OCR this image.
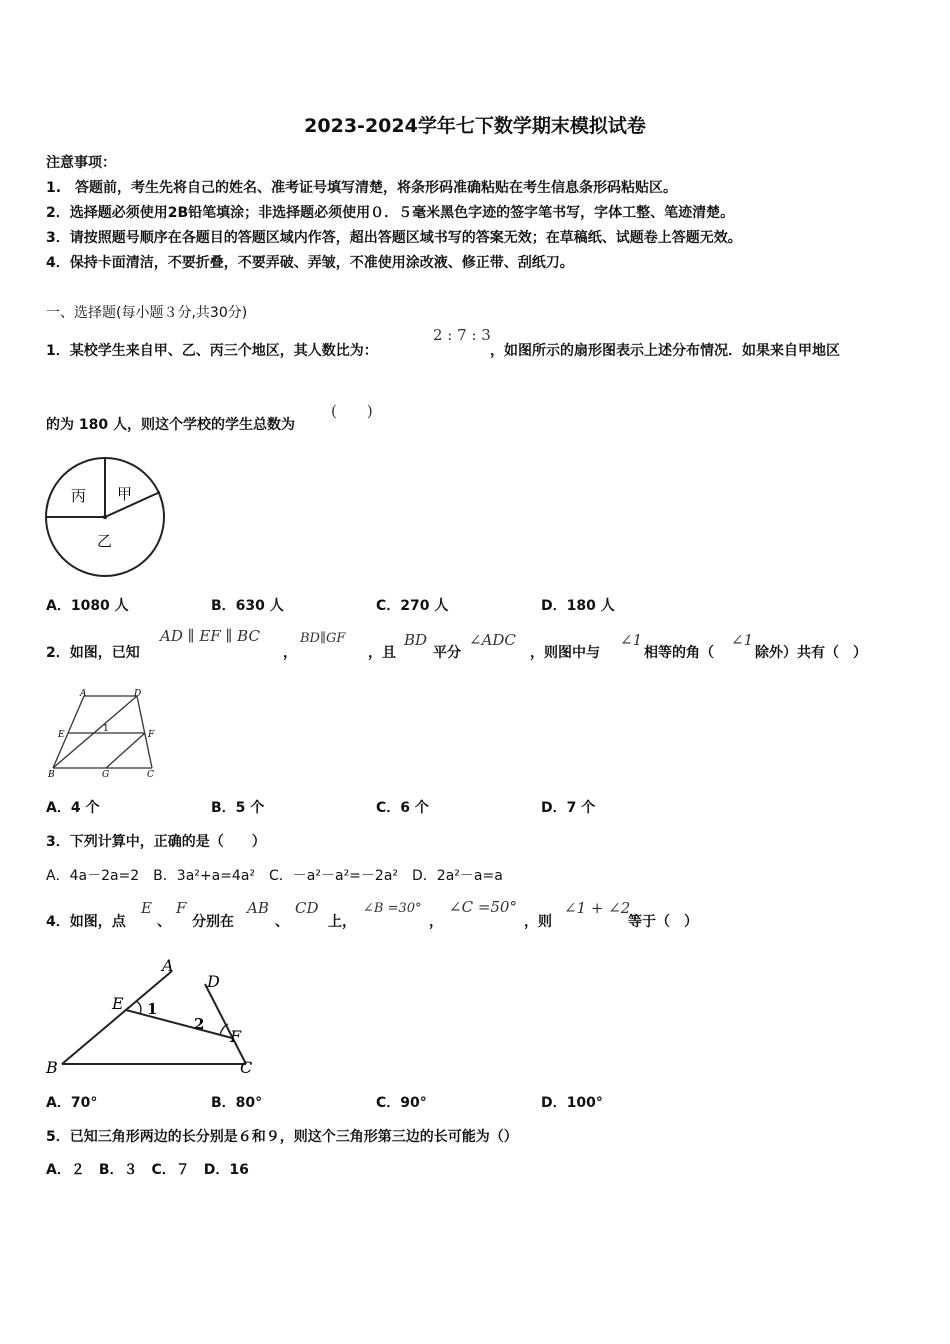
2023-2024学年七下数学期末模拟试卷
注意事项：
1.　答题前，考生先将自己的姓名、准考证号填写清楚，将条形码准确粘贴在考生信息条形码粘贴区。
2．选择题必须使用2B铅笔填涂；非选择题必须使用０．５毫米黑色字迹的签字笔书写，字体工整、笔迹清楚。
3．请按照题号顺序在各题目的答题区域内作答，超出答题区域书写的答案无效；在草稿纸、试题卷上答题无效。
4．保持卡面清洁，不要折叠，不要弄破、弄皱，不准使用涂改液、修正带、刮纸刀。
一、选择题(每小题３分,共30分)
1．某校学生来自甲、乙、丙三个地区，其人数比为：
2 : 7 : 3
，如图所示的扇形图表示上述分布情况．如果来自甲地区
的为 180 人，则这个学校的学生总数为
(　　)
丙 甲
乙
A．1080 人	B．630 人	C．270 人	D．180 人
2．如图，已知
AD ∥ EF ∥ BC
，
BD∥GF
，且
BD
平分
∠ADC
，则图中与
∠1
相等的角（
∠1
除外）共有（　）
A	D
E	F
B	G	C
1
A．4 个	B．5 个	C．6 个	D．7 个
3．下列计算中，正确的是（　　）
A．4a－2a=2　B．3a²+a=4a²　C．－a²－a²=－2a²　D．2a²－a=a
4．如图，点
E
、
F
分别在
AB
、
CD
上，
∠B =30°
，
∠C =50°
，则
∠1 + ∠2
等于（　）
A
D
E 1
2
F
B	C
A．70°	B．80°	C．90°	D．100°
5．已知三角形两边的长分别是６和９，则这个三角形第三边的长可能为（）
A．２　B．３　C．７　D．16
